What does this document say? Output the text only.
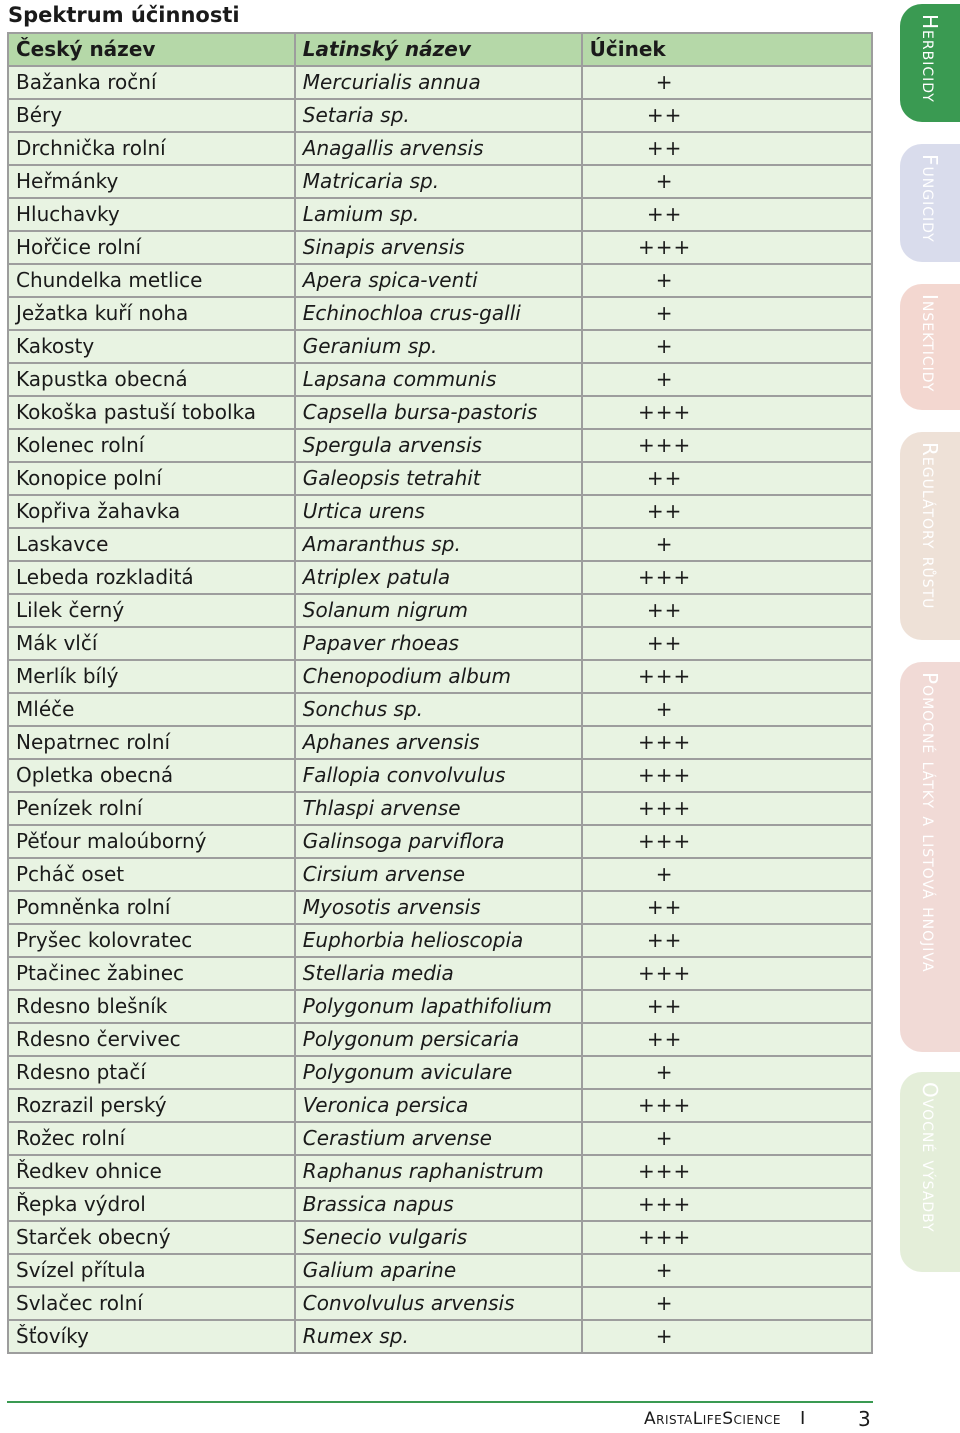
Spektrum účinnosti
Český název	Latinský název	Účinek
Bažanka roční	Mercurialis annua	+
Béry	Setaria sp.	++
Drchnička rolní	Anagallis arvensis	++
Heřmánky	Matricaria sp.	+
Hluchavky	Lamium sp.	++
Hořčice rolní	Sinapis arvensis	+++
Chundelka metlice	Apera spica-venti	+
Ježatka kuří noha	Echinochloa crus-galli	+
Kakosty	Geranium sp.	+
Kapustka obecná	Lapsana communis	+
Kokoška pastuší tobolka	Capsella bursa-pastoris	+++
Kolenec rolní	Spergula arvensis	+++
Konopice polní	Galeopsis tetrahit	++
Kopřiva žahavka	Urtica urens	++
Laskavce	Amaranthus sp.	+
Lebeda rozkladitá	Atriplex patula	+++
Lilek černý	Solanum nigrum	++
Mák vlčí	Papaver rhoeas	++
Merlík bílý	Chenopodium album	+++
Mléče	Sonchus sp.	+
Nepatrnec rolní	Aphanes arvensis	+++
Opletka obecná	Fallopia convolvulus	+++
Penízek rolní	Thlaspi arvense	+++
Pěťour maloúborný	Galinsoga parviflora	+++
Pcháč oset	Cirsium arvense	+
Pomněnka rolní	Myosotis arvensis	++
Pryšec kolovratec	Euphorbia helioscopia	++
Ptačinec žabinec	Stellaria media	+++
Rdesno blešník	Polygonum lapathifolium	++
Rdesno červivec	Polygonum persicaria	++
Rdesno ptačí	Polygonum aviculare	+
Rozrazil perský	Veronica persica	+++
Rožec rolní	Cerastium arvense	+
Ředkev ohnice	Raphanus raphanistrum	+++
Řepka výdrol	Brassica napus	+++
Starček obecný	Senecio vulgaris	+++
Svízel přítula	Galium aparine	+
Svlačec rolní	Convolvulus arvensis	+
Šťovíky	Rumex sp.	+
Herbicidy
Fungicidy
Insekticidy
Regulátory růstu
Pomocné látky a listová hnojiva
Ovocné výsadby
AristaLifeScience I	3
